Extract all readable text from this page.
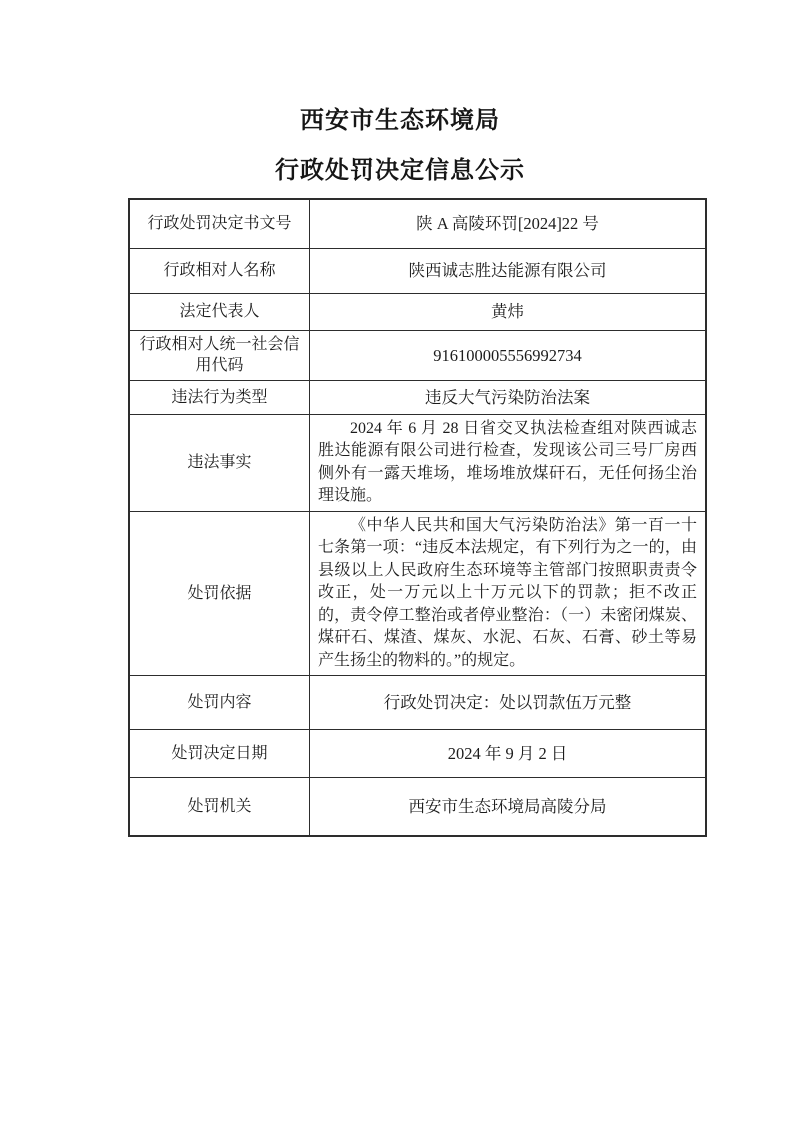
西安市生态环境局
行政处罚决定信息公示
行政处罚决定书文号	陕 A 高陵环罚[2024]22 号
行政相对人名称	陕西诚志胜达能源有限公司
法定代表人	黄炜
行政相对人统一社会信用代码	916100005556992734
违法行为类型	违反大气污染防治法案
违法事实	2024 年 6 月 28 日省交叉执法检查组对陕西诚志胜达能源有限公司进行检查，发现该公司三号厂房西侧外有一露天堆场，堆场堆放煤矸石，无任何扬尘治理设施。
处罚依据	《中华人民共和国大气污染防治法》第一百一十七条第一项：“违反本法规定，有下列行为之一的，由县级以上人民政府生态环境等主管部门按照职责责令改正，处一万元以上十万元以下的罚款；拒不改正的，责令停工整治或者停业整治：（一）未密闭煤炭、煤矸石、煤渣、煤灰、水泥、石灰、石膏、砂土等易产生扬尘的物料的。”的规定。
处罚内容	行政处罚决定：处以罚款伍万元整
处罚决定日期	2024 年 9 月 2 日
处罚机关	西安市生态环境局高陵分局
